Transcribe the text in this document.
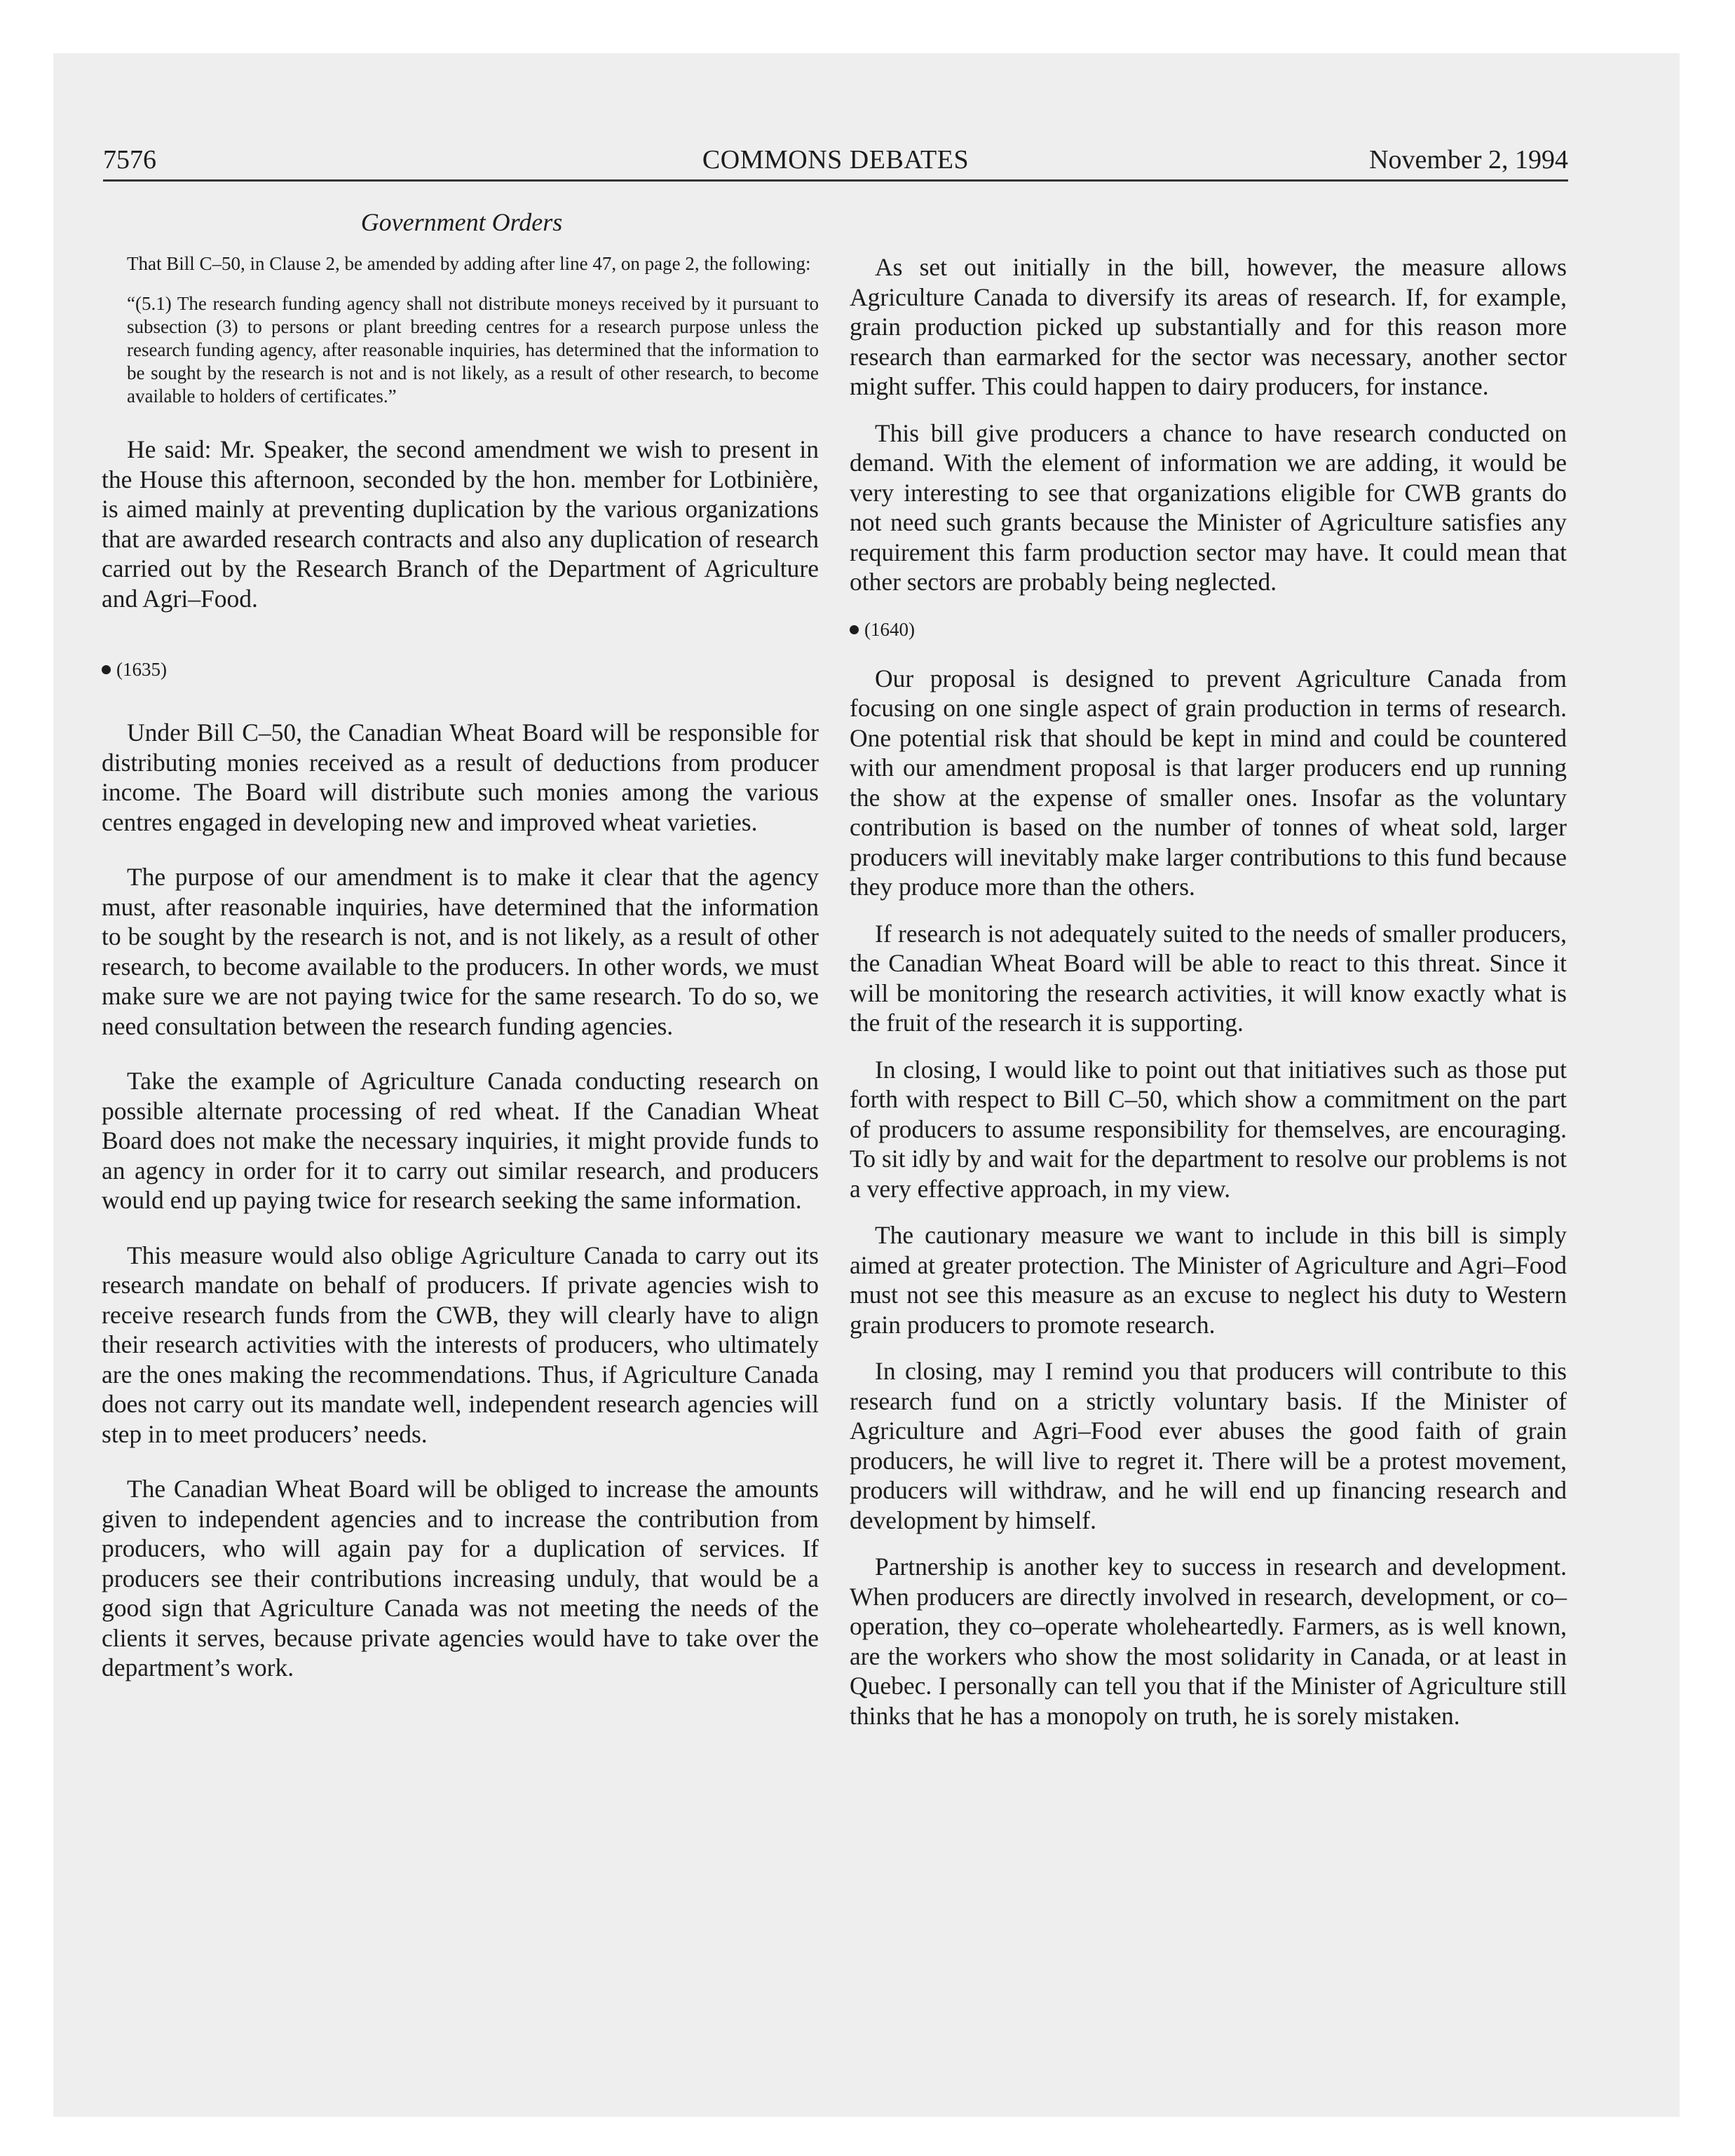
7576	COMMONS DEBATES	November 2, 1994
Government Orders

That Bill C–50, in Clause 2, be amended by adding after line 47, on page 2, the following:

“(5.1) The research funding agency shall not distribute moneys received by it pursuant to subsection (3) to persons or plant breeding centres for a research purpose unless the research funding agency, after reasonable inquiries, has determined that the information to be sought by the research is not and is not likely, as a result of other research, to become available to holders of certificates.”

He said: Mr. Speaker, the second amendment we wish to present in the House this afternoon, seconded by the hon. member for Lotbinière, is aimed mainly at preventing duplication by the various organizations that are awarded research contracts and also any duplication of research carried out by the Research Branch of the Department of Agriculture and Agri–Food.

(1635)

Under Bill C–50, the Canadian Wheat Board will be responsible for distributing monies received as a result of deductions from producer income. The Board will distribute such monies among the various centres engaged in developing new and improved wheat varieties.

The purpose of our amendment is to make it clear that the agency must, after reasonable inquiries, have determined that the information to be sought by the research is not, and is not likely, as a result of other research, to become available to the producers. In other words, we must make sure we are not paying twice for the same research. To do so, we need consultation between the research funding agencies.

Take the example of Agriculture Canada conducting research on possible alternate processing of red wheat. If the Canadian Wheat Board does not make the necessary inquiries, it might provide funds to an agency in order for it to carry out similar research, and producers would end up paying twice for research seeking the same information.

This measure would also oblige Agriculture Canada to carry out its research mandate on behalf of producers. If private agencies wish to receive research funds from the CWB, they will clearly have to align their research activities with the interests of producers, who ultimately are the ones making the recommendations. Thus, if Agriculture Canada does not carry out its mandate well, independent research agencies will step in to meet producers’ needs.

The Canadian Wheat Board will be obliged to increase the amounts given to independent agencies and to increase the contribution from producers, who will again pay for a duplication of services. If producers see their contributions increasing unduly, that would be a good sign that Agriculture Canada was not meeting the needs of the clients it serves, because private agencies would have to take over the department’s work.

As set out initially in the bill, however, the measure allows Agriculture Canada to diversify its areas of research. If, for example, grain production picked up substantially and for this reason more research than earmarked for the sector was necessary, another sector might suffer. This could happen to dairy producers, for instance.

This bill give producers a chance to have research conducted on demand. With the element of information we are adding, it would be very interesting to see that organizations eligible for CWB grants do not need such grants because the Minister of Agriculture satisfies any requirement this farm production sector may have. It could mean that other sectors are probably being neglected.

(1640)

Our proposal is designed to prevent Agriculture Canada from focusing on one single aspect of grain production in terms of research. One potential risk that should be kept in mind and could be countered with our amendment proposal is that larger producers end up running the show at the expense of smaller ones. Insofar as the voluntary contribution is based on the number of tonnes of wheat sold, larger producers will inevitably make larger contributions to this fund because they produce more than the others.

If research is not adequately suited to the needs of smaller producers, the Canadian Wheat Board will be able to react to this threat. Since it will be monitoring the research activities, it will know exactly what is the fruit of the research it is supporting.

In closing, I would like to point out that initiatives such as those put forth with respect to Bill C–50, which show a commitment on the part of producers to assume responsibility for themselves, are encouraging. To sit idly by and wait for the department to resolve our problems is not a very effective approach, in my view.

The cautionary measure we want to include in this bill is simply aimed at greater protection. The Minister of Agriculture and Agri–Food must not see this measure as an excuse to neglect his duty to Western grain producers to promote research.

In closing, may I remind you that producers will contribute to this research fund on a strictly voluntary basis. If the Minister of Agriculture and Agri–Food ever abuses the good faith of grain producers, he will live to regret it. There will be a protest movement, producers will withdraw, and he will end up financing research and development by himself.

Partnership is another key to success in research and development. When producers are directly involved in research, development, or co–operation, they co–operate wholeheartedly. Farmers, as is well known, are the workers who show the most solidarity in Canada, or at least in Quebec. I personally can tell you that if the Minister of Agriculture still thinks that he has a monopoly on truth, he is sorely mistaken.
